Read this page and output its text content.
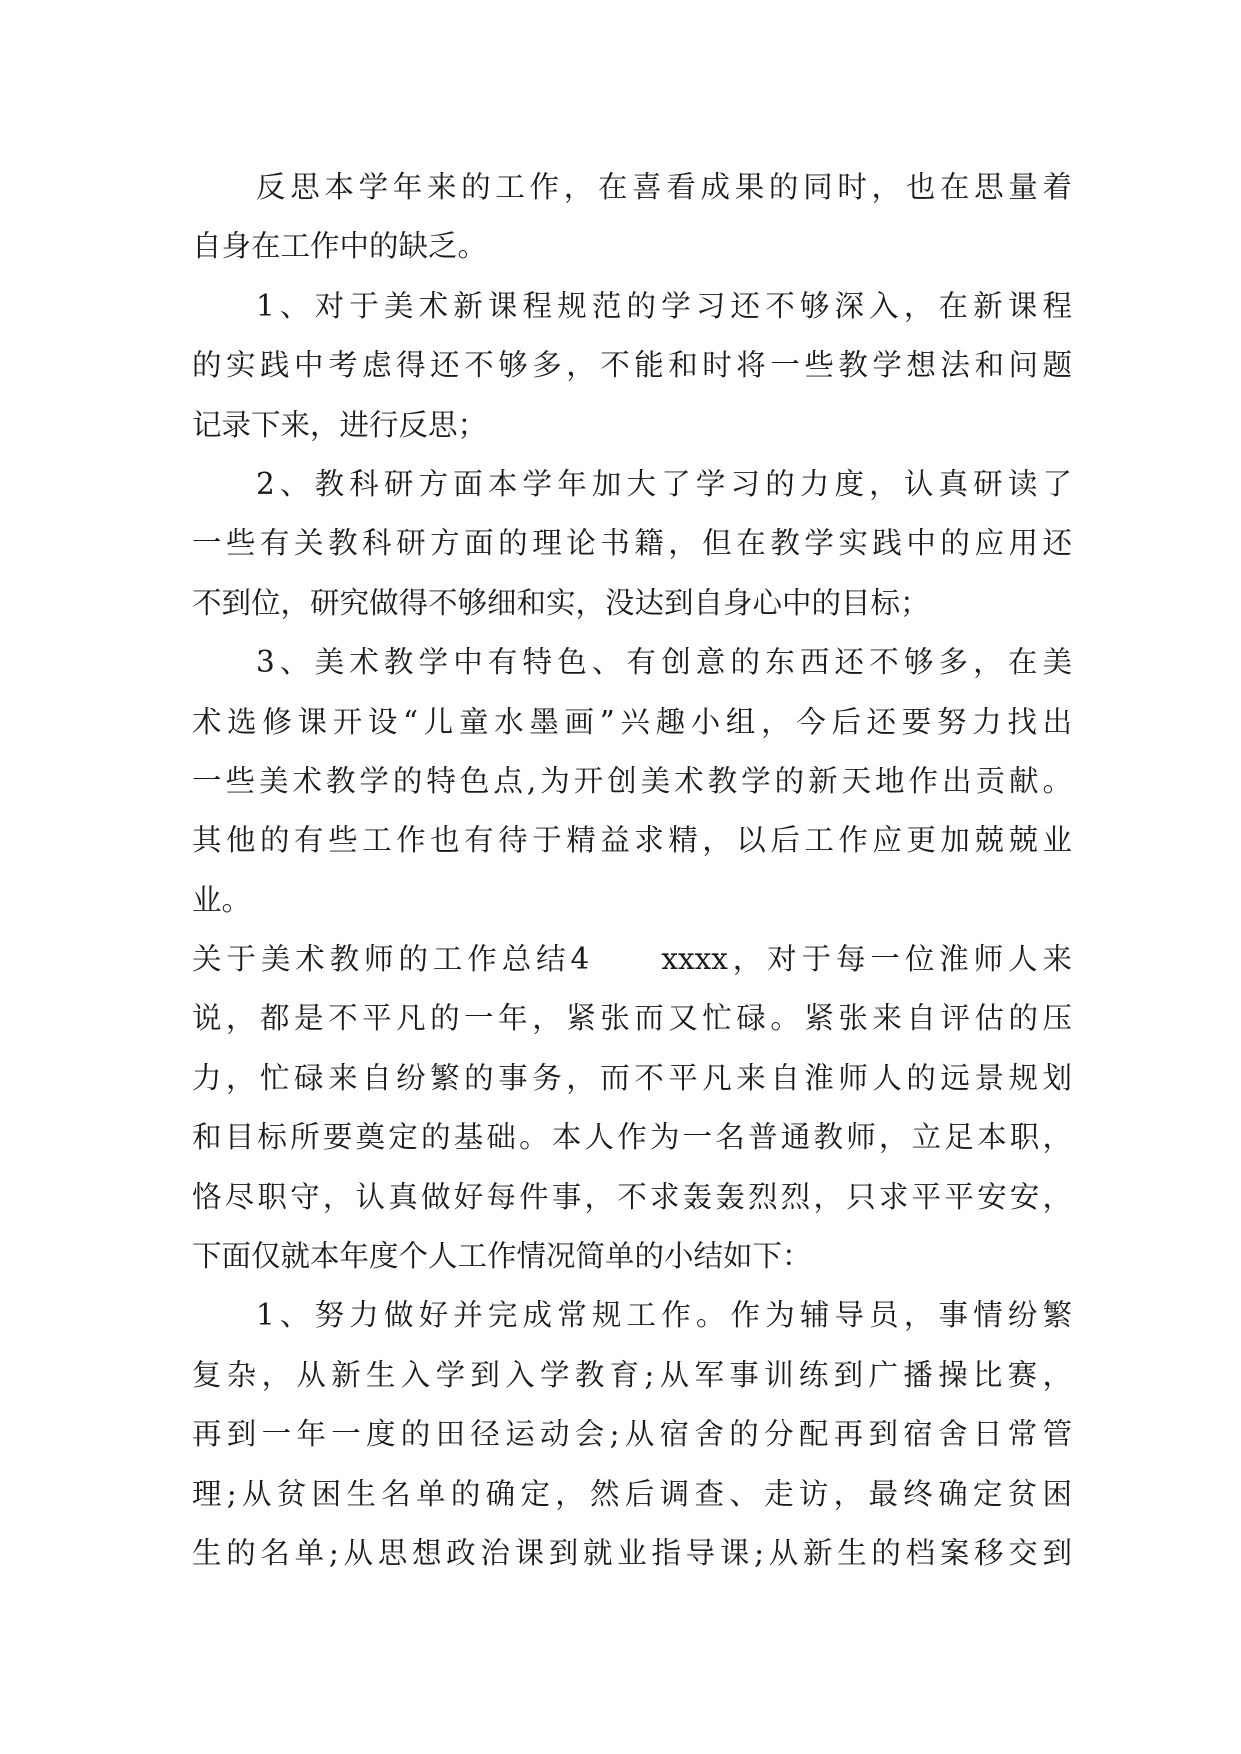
反思本学年来的工作，在喜看成果的同时，也在思量着
自身在工作中的缺乏。
1、对于美术新课程规范的学习还不够深入，在新课程
的实践中考虑得还不够多，不能和时将一些教学想法和问题
记录下来，进行反思；
2、教科研方面本学年加大了学习的力度，认真研读了
一些有关教科研方面的理论书籍，但在教学实践中的应用还
不到位，研究做得不够细和实，没达到自身心中的目标；
3、美术教学中有特色、有创意的东西还不够多，在美
术选修课开设“儿童水墨画”兴趣小组，今后还要努力找出
一些美术教学的特色点,为开创美术教学的新天地作出贡献。
其他的有些工作也有待于精益求精，以后工作应更加兢兢业
业。
关于美术教师的工作总结4 xxxx，对于每一位淮师人来
说，都是不平凡的一年，紧张而又忙碌。紧张来自评估的压
力，忙碌来自纷繁的事务，而不平凡来自淮师人的远景规划
和目标所要奠定的基础。本人作为一名普通教师，立足本职，
恪尽职守，认真做好每件事，不求轰轰烈烈，只求平平安安，
下面仅就本年度个人工作情况简单的小结如下：
1、努力做好并完成常规工作。作为辅导员，事情纷繁
复杂，从新生入学到入学教育;从军事训练到广播操比赛，
再到一年一度的田径运动会;从宿舍的分配再到宿舍日常管
理;从贫困生名单的确定，然后调查、走访，最终确定贫困
生的名单;从思想政治课到就业指导课;从新生的档案移交到
